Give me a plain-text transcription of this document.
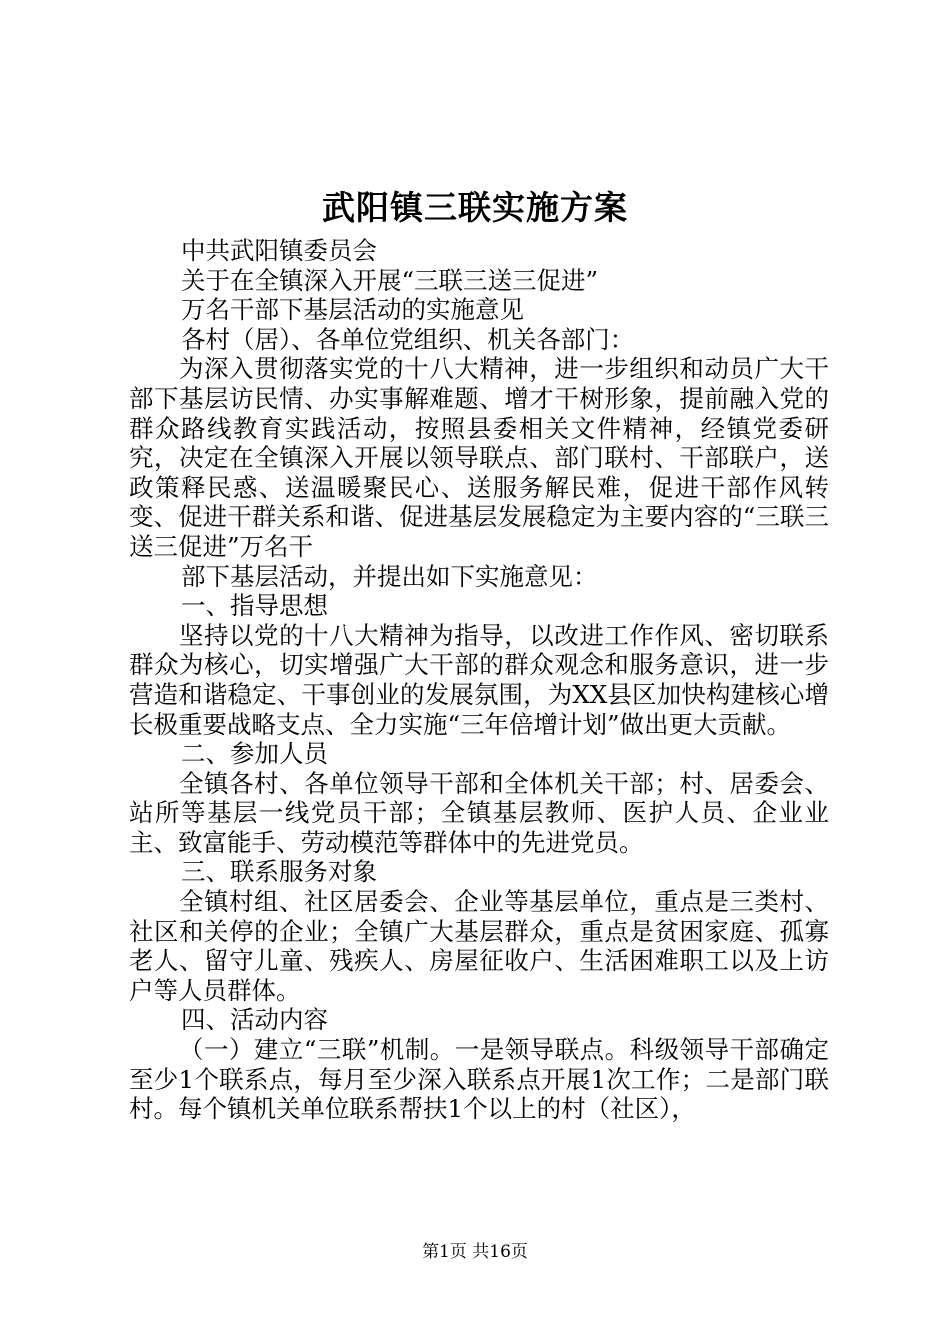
武阳镇三联实施方案

中共武阳镇委员会

关于在全镇深入开展“三联三送三促进”

万名干部下基层活动的实施意见

各村（居）、各单位党组织、机关各部门：

为深入贯彻落实党的十八大精神，进一步组织和动员广大干部下基层访民情、办实事解难题、增才干树形象，提前融入党的群众路线教育实践活动，按照县委相关文件精神，经镇党委研究，决定在全镇深入开展以领导联点、部门联村、干部联户，送政策释民惑、送温暖聚民心、送服务解民难，促进干部作风转变、促进干群关系和谐、促进基层发展稳定为主要内容的“三联三送三促进”万名干

部下基层活动，并提出如下实施意见：

一、指导思想

坚持以党的十八大精神为指导，以改进工作作风、密切联系群众为核心，切实增强广大干部的群众观念和服务意识，进一步营造和谐稳定、干事创业的发展氛围，为XX县区加快构建核心增长极重要战略支点、全力实施“三年倍增计划”做出更大贡献。

二、参加人员

全镇各村、各单位领导干部和全体机关干部；村、居委会、站所等基层一线党员干部；全镇基层教师、医护人员、企业业主、致富能手、劳动模范等群体中的先进党员。

三、联系服务对象

全镇村组、社区居委会、企业等基层单位，重点是三类村、社区和关停的企业；全镇广大基层群众，重点是贫困家庭、孤寡老人、留守儿童、残疾人、房屋征收户、生活困难职工以及上访户等人员群体。

四、活动内容

（一）建立“三联”机制。一是领导联点。科级领导干部确定至少1个联系点，每月至少深入联系点开展1次工作；二是部门联村。每个镇机关单位联系帮扶1个以上的村（社区），

第1页 共16页
